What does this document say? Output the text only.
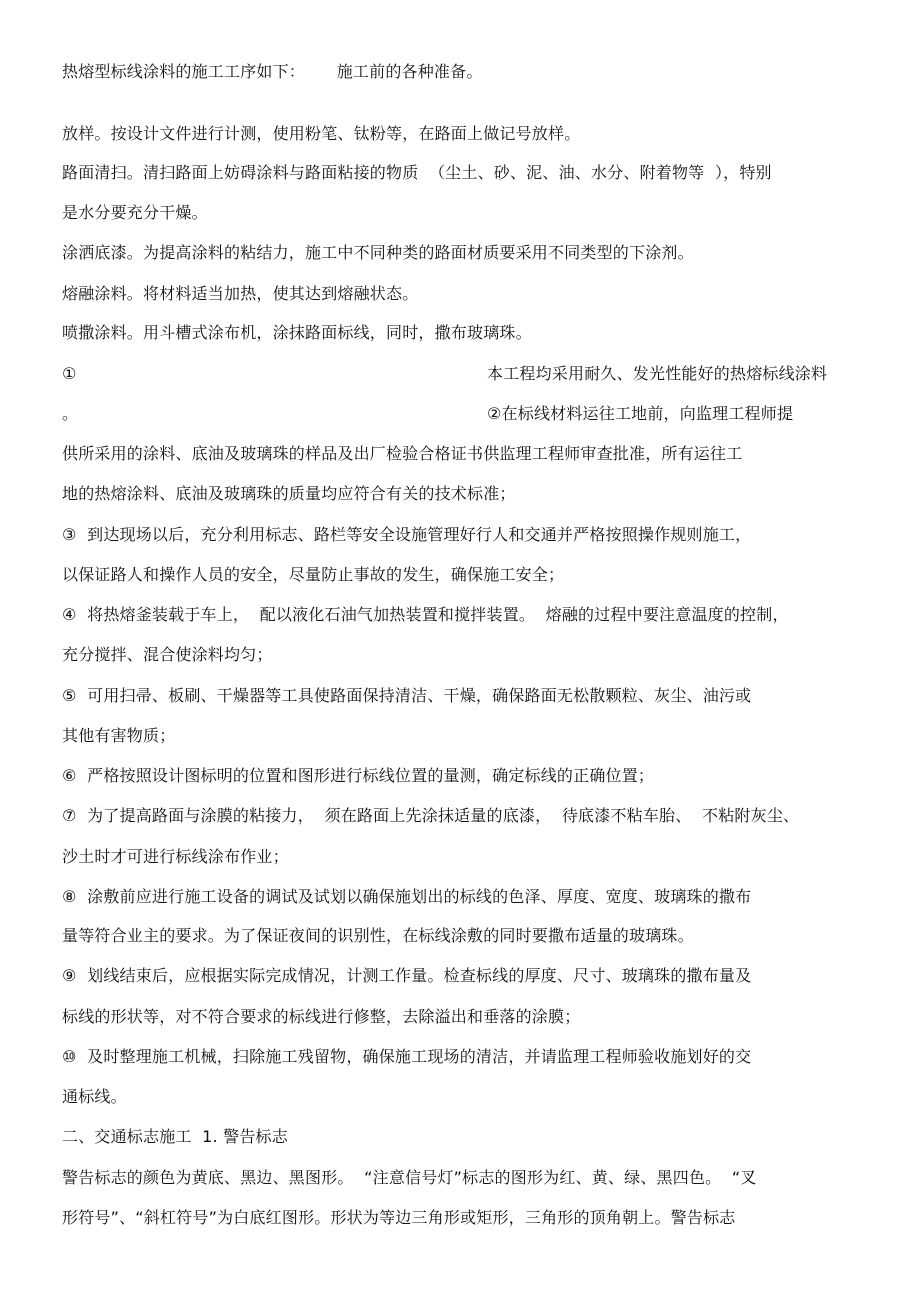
热熔型标线涂料的施工工序如下：      施工前的各种准备。
放样。按设计文件进行计测，使用粉笔、钛粉等，在路面上做记号放样。
路面清扫。清扫路面上妨碍涂料与路面粘接的物质  （尘土、砂、泥、油、水分、附着物等  ），特别
是水分要充分干燥。
涂洒底漆。为提高涂料的粘结力，施工中不同种类的路面材质要采用不同类型的下涂剂。
熔融涂料。将材料适当加热，使其达到熔融状态。
喷撒涂料。用斗槽式涂布机，涂抹路面标线，同时，撒布玻璃珠。
①	本工程均采用耐久、发光性能好的热熔标线涂料
。	②在标线材料运往工地前，向监理工程师提
供所采用的涂料、底油及玻璃珠的样品及出厂检验合格证书供监理工程师审查批准，所有运往工
地的热熔涂料、底油及玻璃珠的质量均应符合有关的技术标准；
③  到达现场以后，充分利用标志、路栏等安全设施管理好行人和交通并严格按照操作规则施工，
以保证路人和操作人员的安全，尽量防止事故的发生，确保施工安全；
④  将热熔釜装载于车上，  配以液化石油气加热装置和搅拌装置。  熔融的过程中要注意温度的控制，
充分搅拌、混合使涂料均匀；
⑤  可用扫帚、板刷、干燥器等工具使路面保持清洁、干燥，确保路面无松散颗粒、灰尘、油污或
其他有害物质；
⑥  严格按照设计图标明的位置和图形进行标线位置的量测，确定标线的正确位置；
⑦  为了提高路面与涂膜的粘接力，  须在路面上先涂抹适量的底漆，  待底漆不粘车胎、  不粘附灰尘、
沙土时才可进行标线涂布作业；
⑧  涂敷前应进行施工设备的调试及试划以确保施划出的标线的色泽、厚度、宽度、玻璃珠的撒布
量等符合业主的要求。为了保证夜间的识别性，在标线涂敷的同时要撒布适量的玻璃珠。
⑨  划线结束后，应根据实际完成情况，计测工作量。检查标线的厚度、尺寸、玻璃珠的撒布量及
标线的形状等，对不符合要求的标线进行修整，去除溢出和垂落的涂膜；
⑩  及时整理施工机械，扫除施工残留物，确保施工现场的清洁，并请监理工程师验收施划好的交
通标线。
二、交通标志施工  1. 警告标志
警告标志的颜色为黄底、黑边、黑图形。  “注意信号灯”标志的图形为红、黄、绿、黑四色。  “叉
形符号”、“斜杠符号”为白底红图形。形状为等边三角形或矩形，三角形的顶角朝上。警告标志
